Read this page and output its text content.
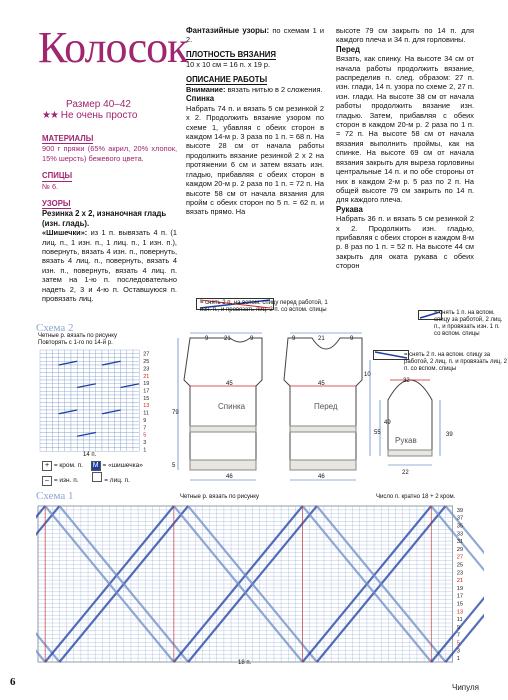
Колосок
Размер 40–42
★★ Не очень просто
МАТЕРИАЛЫ

900 г пряжи (65% акрил, 20% хлопок, 15% шерсть) бежевого цвета.

СПИЦЫ

№ 6.

УЗОРЫ

Резинка 2 х 2, изнаночная гладь (изн. гладь).

«Шишечки»: из 1 п. вывязать 4 п. (1 лиц. п., 1 изн. п., 1 лиц. п., 1 изн. п.), повернуть, вязать 4 изн. п., повернуть, вязать 4 лиц. п., повернуть, вязать 4 изн. п., повернуть, вязать 4 лиц. п. затем на 1-ю п. последовательно надеть 2, 3 и 4-ю п. Оставшуюся п. провязать лиц.

Фантазийные узоры: по схемам 1 и 2.

ПЛОТНОСТЬ ВЯЗАНИЯ

10 х 10 см = 16 п. х 19 р.

ОПИСАНИЕ РАБОТЫ

Внимание: вязать нитью в 2 сложения.

Спинка

Набрать 74 п. и вязать 5 см резинкой 2 х 2. Продолжить вязание узором по схеме 1, убавляя с обеих сторон в каждом 14-м р. 3 раза по 1 п. = 68 п. На высоте 28 см от начала работы продолжить вязание резинкой 2 х 2 на протяжении 6 см и затем вязать изн. гладью, прибавляя с обеих сторон в каждом 20-м р. 2 раза по 1 п. = 72 п. На высоте 58 см от начала вязания для пройм с обеих сторон по 5 п. = 62 п. и вязать прямо. На

высоте 79 см закрыть по 14 п. для каждого плеча и 34 п. для горловины.

Перед

Вязать, как спинку. На высоте 34 см от начала работы продолжить вязание, распределив п. след. образом: 27 п. изн. глади, 14 п. узора по схеме 2, 27 п. изн. глади. На высоте 38 см от начала работы продолжить вязание изн. гладью. Затем, прибавляя с обеих сторон в каждом 20-м р. 2 раза по 1 п. = 72 п. На высоте 58 см от начала вязания выполнить проймы, как на спинке. На высоте 69 см от начала вязания закрыть для выреза горловины центральные 14 п. и по обе стороны от них в каждом 2-м р. 5 раз по 2 п. На общей высоте 79 см закрыть по 14 п. для каждого плеча.

Рукава

Набрать 36 п. и вязать 5 см резинкой 2 х 2. Продолжить изн. гладью, прибавляя с обеих сторон в каждом 8-м р. 8 раз по 1 п. = 52 п. На высоте 44 см закрыть для оката рукава с обеих сторон

= снять 2 п. на вспом. спицу перед работой, 1 изн. п., и провязать лиц. 2 п. со вспом. спицы	= снять 1 п. на вспом. спицу за работой, 2 лиц. п., и провязать изн. 1 п. со вспом. спицы
= снять 2 п. на вспом. спицу за работой, 2 лиц. п. и провязать лиц. 2 п. со вспом. спицы
Схема 2
Четные р. вязать по рисунку
Повторять с 1-го по 14-й р.
27
25
23
21
19
17
15
13
11
9
7
5
3
1
14 п.
+ = кром. п. M = «шишечка»
– = изн. п.	= лиц. п.
9	21	9
45
79
46
5
Спинка
9	21	9
45
46
10
Перед
32
55
49
39
22
Рукав
Схема 1	Четные р. вязать по рисунку	Число п. кратно 18 + 2 кром.
39
37
35
33
31
29
27
25
23
21
19
17
15
13
11
9
7
5
3
1
18 п.
6	Чипуля
